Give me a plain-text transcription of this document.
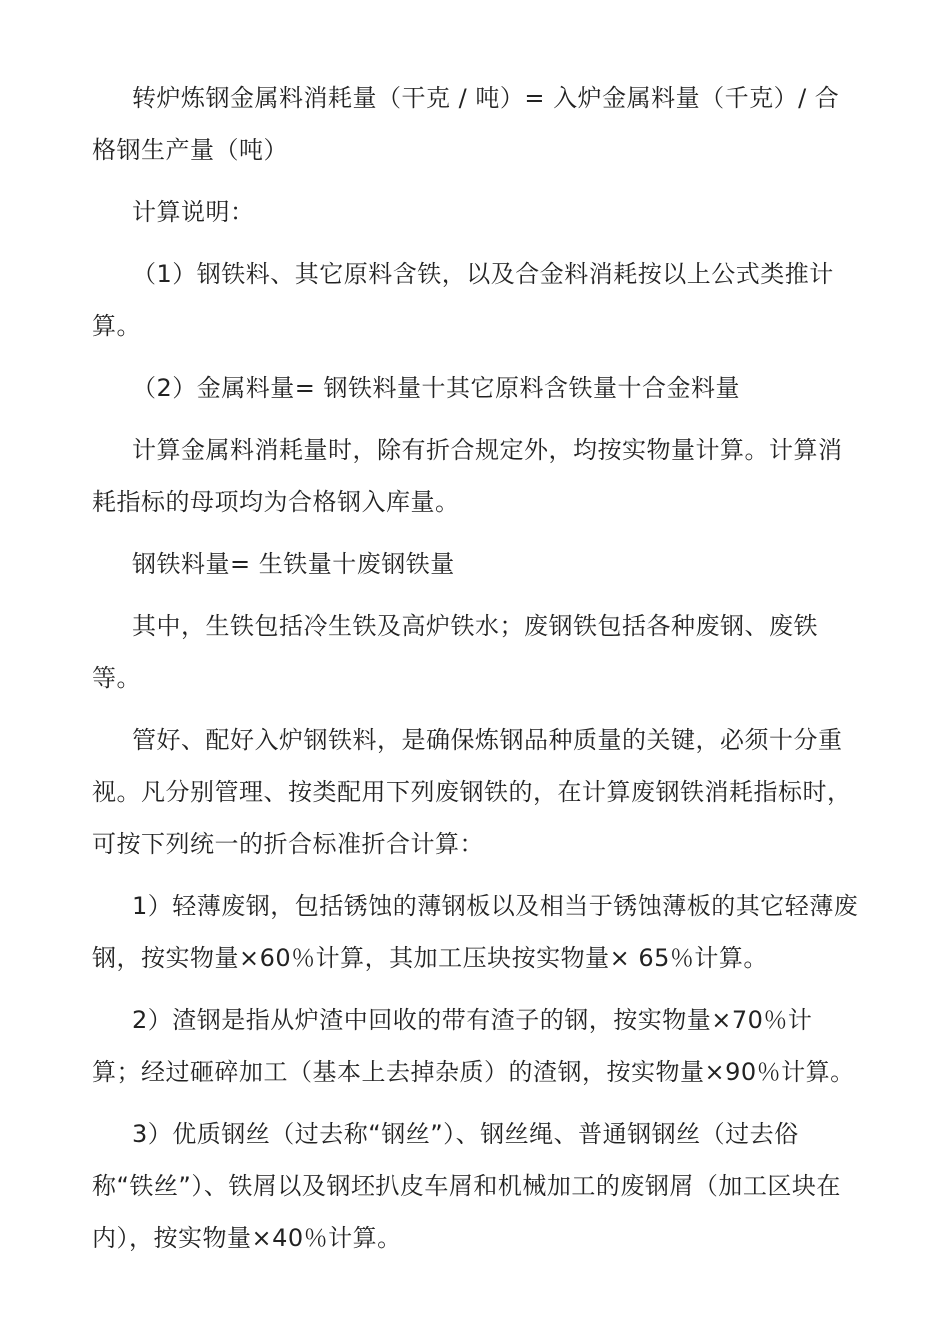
转炉炼钢金属料消耗量（干克 / 吨）= 入炉金属料量（千克）/ 合格钢生产量（吨）

计算说明：

（1）钢铁料、其它原料含铁，以及合金料消耗按以上公式类推计算。

（2）金属料量= 钢铁料量十其它原料含铁量十合金料量

计算金属料消耗量时，除有折合规定外，均按实物量计算。计算消耗指标的母项均为合格钢入库量。

钢铁料量= 生铁量十废钢铁量

其中，生铁包括冷生铁及高炉铁水；废钢铁包括各种废钢、废铁等。

管好、配好入炉钢铁料，是确保炼钢品种质量的关键，必须十分重视。凡分别管理、按类配用下列废钢铁的，在计算废钢铁消耗指标时，可按下列统一的折合标准折合计算：

1）轻薄废钢，包括锈蚀的薄钢板以及相当于锈蚀薄板的其它轻薄废钢，按实物量×60％计算，其加工压块按实物量× 65％计算。

2）渣钢是指从炉渣中回收的带有渣子的钢，按实物量×70％计算；经过砸碎加工（基本上去掉杂质）的渣钢，按实物量×90％计算。

3）优质钢丝（过去称“钢丝”）、钢丝绳、普通钢钢丝（过去俗称“铁丝”）、铁屑以及钢坯扒皮车屑和机械加工的废钢屑（加工区块在内），按实物量×40％计算。
